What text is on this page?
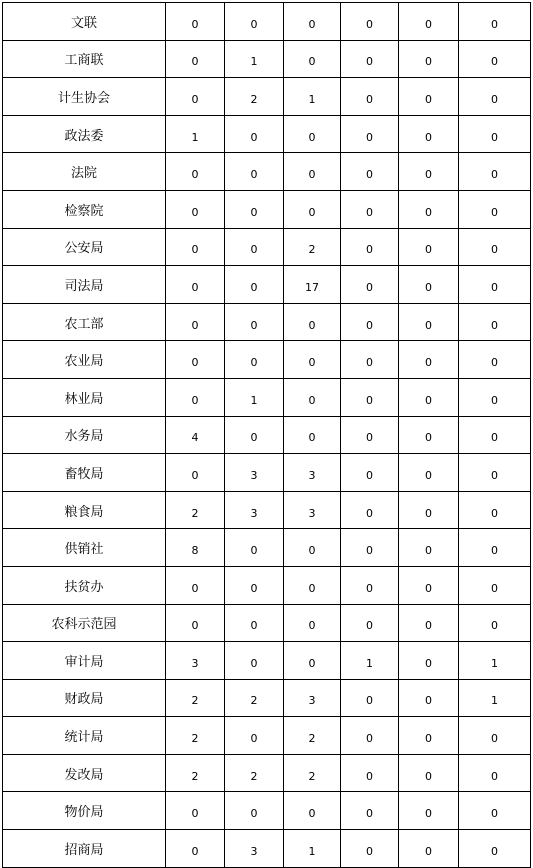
文联	0	0	0	0	0	0
工商联	0	1	0	0	0	0
计生协会	0	2	1	0	0	0
政法委	1	0	0	0	0	0
法院	0	0	0	0	0	0
检察院	0	0	0	0	0	0
公安局	0	0	2	0	0	0
司法局	0	0	17	0	0	0
农工部	0	0	0	0	0	0
农业局	0	0	0	0	0	0
林业局	0	1	0	0	0	0
水务局	4	0	0	0	0	0
畜牧局	0	3	3	0	0	0
粮食局	2	3	3	0	0	0
供销社	8	0	0	0	0	0
扶贫办	0	0	0	0	0	0
农科示范园	0	0	0	0	0	0
审计局	3	0	0	1	0	1
财政局	2	2	3	0	0	1
统计局	2	0	2	0	0	0
发改局	2	2	2	0	0	0
物价局	0	0	0	0	0	0
招商局	0	3	1	0	0	0
